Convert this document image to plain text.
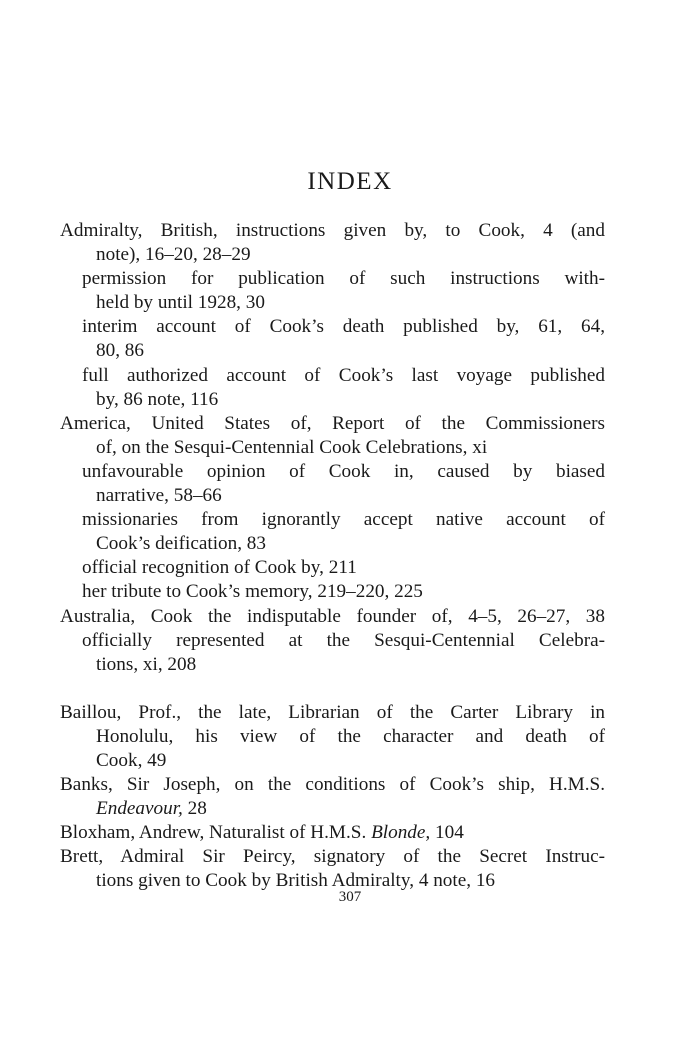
INDEX
Admiralty, British, instructions given by, to Cook, 4 (and
note), 16–20, 28–29
permission for publication of such instructions with-
held by until 1928, 30
interim account of Cook’s death published by, 61, 64,
80, 86
full authorized account of Cook’s last voyage published
by, 86 note, 116
America, United States of, Report of the Commissioners
of, on the Sesqui-Centennial Cook Celebrations, xi
unfavourable opinion of Cook in, caused by biased
narrative, 58–66
missionaries from ignorantly accept native account of
Cook’s deification, 83
official recognition of Cook by, 211
her tribute to Cook’s memory, 219–220, 225
Australia, Cook the indisputable founder of, 4–5, 26–27, 38
officially represented at the Sesqui-Centennial Celebra-
tions, xi, 208
Baillou, Prof., the late, Librarian of the Carter Library in
Honolulu, his view of the character and death of
Cook, 49
Banks, Sir Joseph, on the conditions of Cook’s ship, H.M.S.
Endeavour, 28
Bloxham, Andrew, Naturalist of H.M.S. Blonde, 104
Brett, Admiral Sir Peircy, signatory of the Secret Instruc-
tions given to Cook by British Admiralty, 4 note, 16
307
